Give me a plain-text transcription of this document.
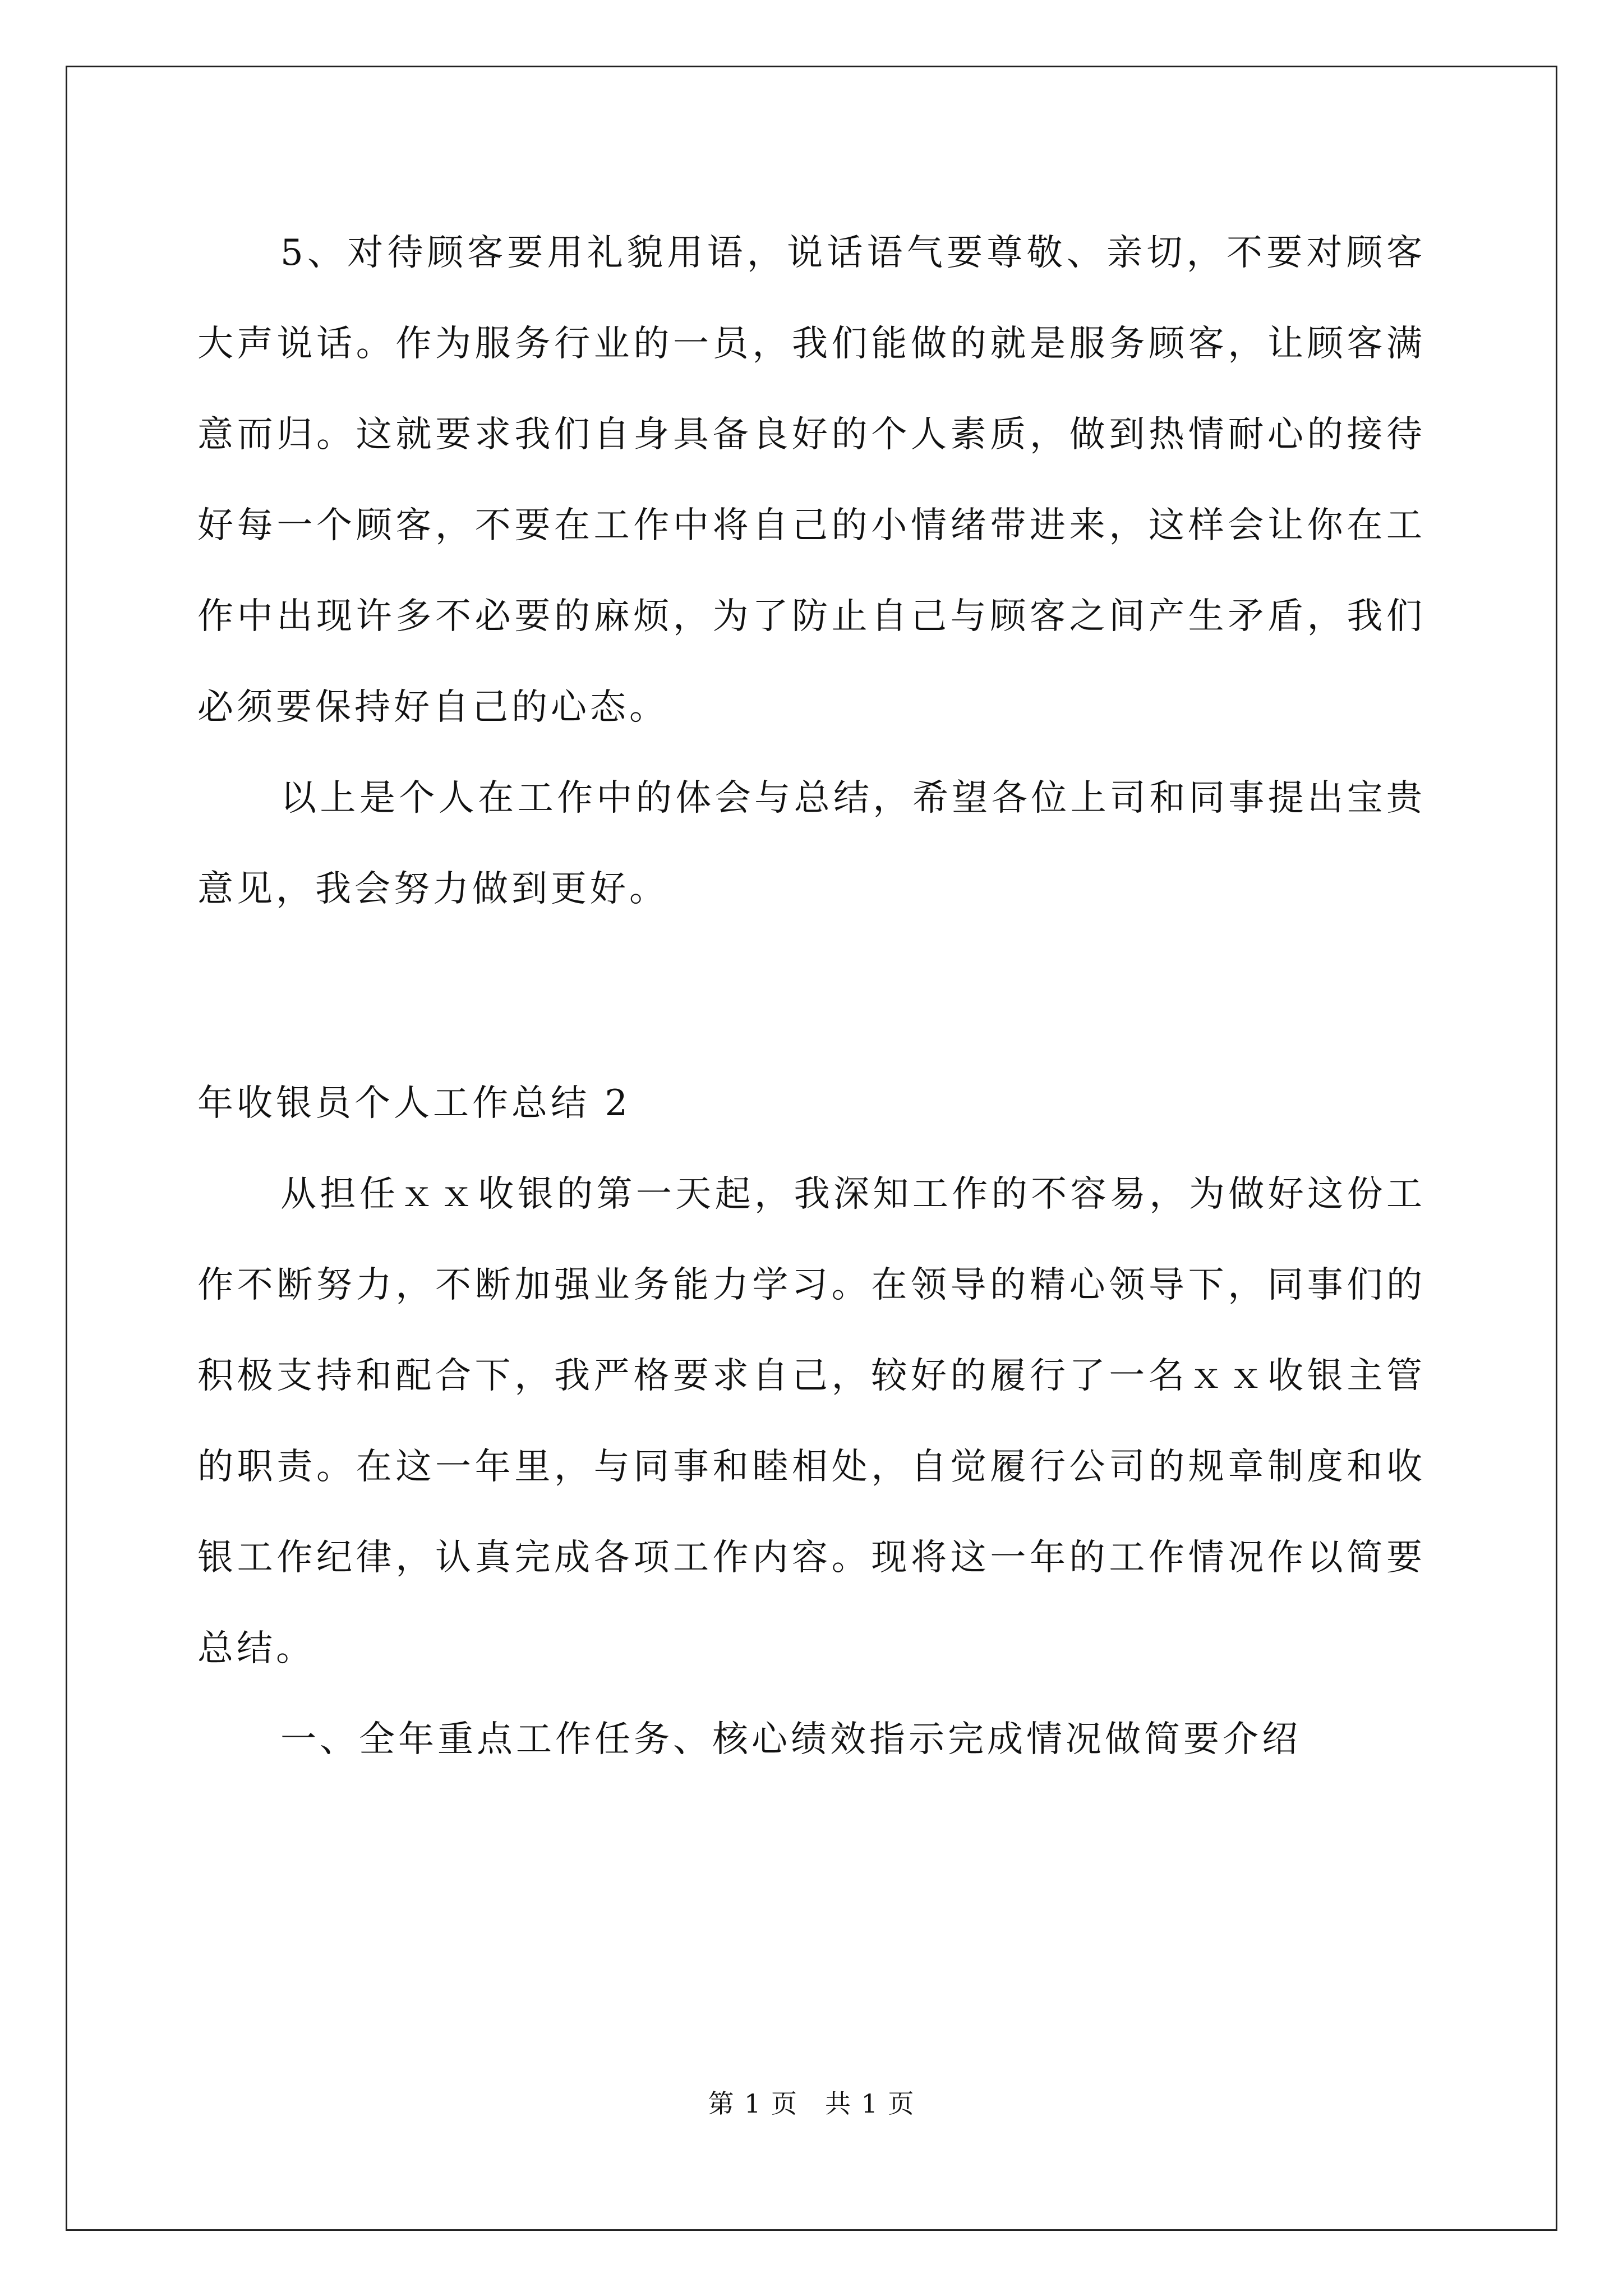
5、对待顾客要用礼貌用语，说话语气要尊敬、亲切，不要对顾客大声说话。作为服务行业的一员，我们能做的就是服务顾客，让顾客满意而归。这就要求我们自身具备良好的个人素质，做到热情耐心的接待好每一个顾客，不要在工作中将自己的小情绪带进来，这样会让你在工作中出现许多不必要的麻烦，为了防止自己与顾客之间产生矛盾，我们必须要保持好自己的心态。

以上是个人在工作中的体会与总结，希望各位上司和同事提出宝贵意见，我会努力做到更好。

年收银员个人工作总结 2

从担任ｘｘ收银的第一天起，我深知工作的不容易，为做好这份工作不断努力，不断加强业务能力学习。在领导的精心领导下，同事们的积极支持和配合下，我严格要求自己，较好的履行了一名ｘｘ收银主管的职责。在这一年里，与同事和睦相处，自觉履行公司的规章制度和收银工作纪律，认真完成各项工作内容。现将这一年的工作情况作以简要总结。

一、全年重点工作任务、核心绩效指示完成情况做简要介绍

第 1 页　共 1 页
